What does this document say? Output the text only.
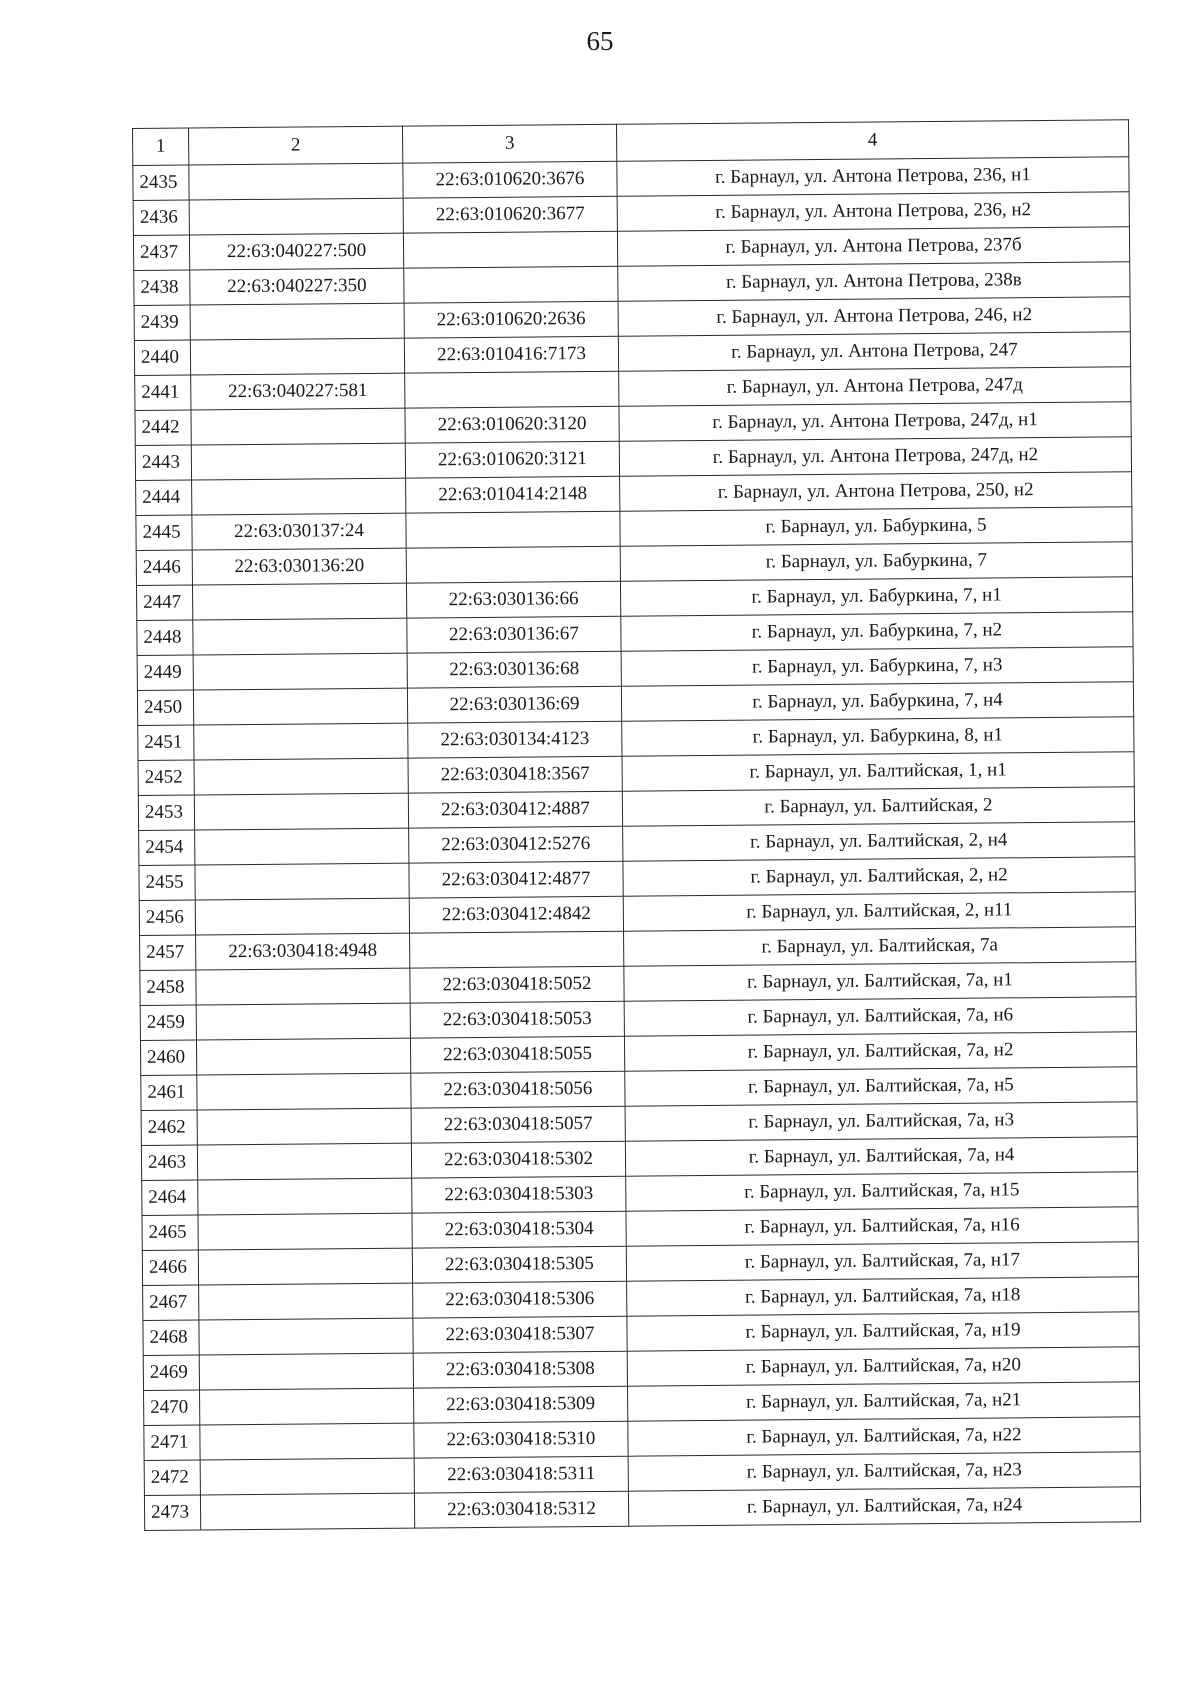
65
1	2	3	4
2435		22:63:010620:3676	г. Барнаул, ул. Антона Петрова, 236, н1
2436		22:63:010620:3677	г. Барнаул, ул. Антона Петрова, 236, н2
2437	22:63:040227:500		г. Барнаул, ул. Антона Петрова, 237б
2438	22:63:040227:350		г. Барнаул, ул. Антона Петрова, 238в
2439		22:63:010620:2636	г. Барнаул, ул. Антона Петрова, 246, н2
2440		22:63:010416:7173	г. Барнаул, ул. Антона Петрова, 247
2441	22:63:040227:581		г. Барнаул, ул. Антона Петрова, 247д
2442		22:63:010620:3120	г. Барнаул, ул. Антона Петрова, 247д, н1
2443		22:63:010620:3121	г. Барнаул, ул. Антона Петрова, 247д, н2
2444		22:63:010414:2148	г. Барнаул, ул. Антона Петрова, 250, н2
2445	22:63:030137:24		г. Барнаул, ул. Бабуркина, 5
2446	22:63:030136:20		г. Барнаул, ул. Бабуркина, 7
2447		22:63:030136:66	г. Барнаул, ул. Бабуркина, 7, н1
2448		22:63:030136:67	г. Барнаул, ул. Бабуркина, 7, н2
2449		22:63:030136:68	г. Барнаул, ул. Бабуркина, 7, н3
2450		22:63:030136:69	г. Барнаул, ул. Бабуркина, 7, н4
2451		22:63:030134:4123	г. Барнаул, ул. Бабуркина, 8, н1
2452		22:63:030418:3567	г. Барнаул, ул. Балтийская, 1, н1
2453		22:63:030412:4887	г. Барнаул, ул. Балтийская, 2
2454		22:63:030412:5276	г. Барнаул, ул. Балтийская, 2, н4
2455		22:63:030412:4877	г. Барнаул, ул. Балтийская, 2, н2
2456		22:63:030412:4842	г. Барнаул, ул. Балтийская, 2, н11
2457	22:63:030418:4948		г. Барнаул, ул. Балтийская, 7а
2458		22:63:030418:5052	г. Барнаул, ул. Балтийская, 7а, н1
2459		22:63:030418:5053	г. Барнаул, ул. Балтийская, 7а, н6
2460		22:63:030418:5055	г. Барнаул, ул. Балтийская, 7а, н2
2461		22:63:030418:5056	г. Барнаул, ул. Балтийская, 7а, н5
2462		22:63:030418:5057	г. Барнаул, ул. Балтийская, 7а, н3
2463		22:63:030418:5302	г. Барнаул, ул. Балтийская, 7а, н4
2464		22:63:030418:5303	г. Барнаул, ул. Балтийская, 7а, н15
2465		22:63:030418:5304	г. Барнаул, ул. Балтийская, 7а, н16
2466		22:63:030418:5305	г. Барнаул, ул. Балтийская, 7а, н17
2467		22:63:030418:5306	г. Барнаул, ул. Балтийская, 7а, н18
2468		22:63:030418:5307	г. Барнаул, ул. Балтийская, 7а, н19
2469		22:63:030418:5308	г. Барнаул, ул. Балтийская, 7а, н20
2470		22:63:030418:5309	г. Барнаул, ул. Балтийская, 7а, н21
2471		22:63:030418:5310	г. Барнаул, ул. Балтийская, 7а, н22
2472		22:63:030418:5311	г. Барнаул, ул. Балтийская, 7а, н23
2473		22:63:030418:5312	г. Барнаул, ул. Балтийская, 7а, н24
